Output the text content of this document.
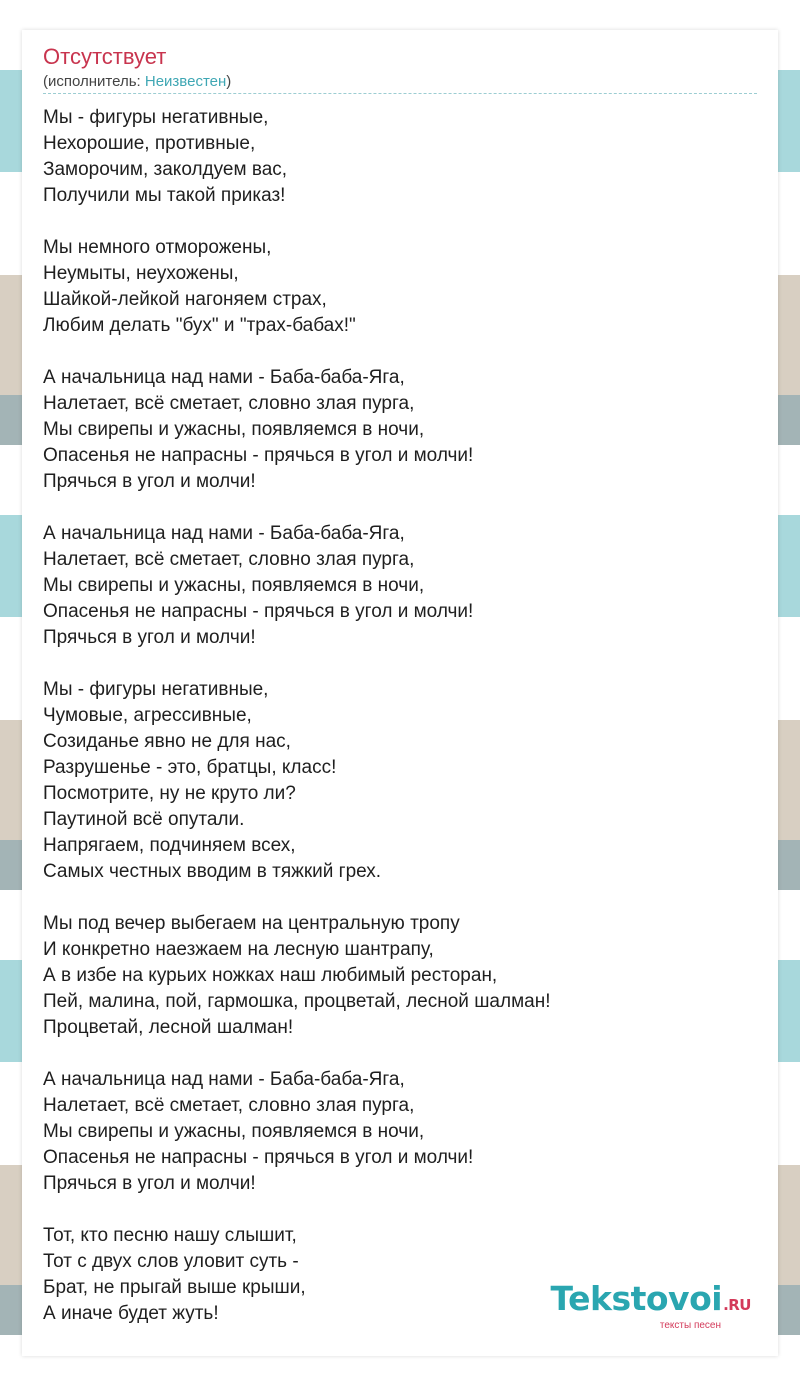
Отсутствует
(исполнитель: Неизвестен)
Мы - фигуры негативные,
Нехорошие, противные,
Заморочим, заколдуем вас,
Получили мы такой приказ!
Мы немного отморожены,
Неумыты, неухожены,
Шайкой-лейкой нагоняем страх,
Любим делать "бух" и "трах-бабах!"
А начальница над нами - Баба-баба-Яга,
Налетает, всё сметает, словно злая пурга,
Мы свирепы и ужасны, появляемся в ночи,
Опасенья не напрасны - прячься в угол и молчи!
Прячься в угол и молчи!
А начальница над нами - Баба-баба-Яга,
Налетает, всё сметает, словно злая пурга,
Мы свирепы и ужасны, появляемся в ночи,
Опасенья не напрасны - прячься в угол и молчи!
Прячься в угол и молчи!
Мы - фигуры негативные,
Чумовые, агрессивные,
Созиданье явно не для нас,
Разрушенье - это, братцы, класс!
Посмотрите, ну не круто ли?
Паутиной всё опутали.
Напрягаем, подчиняем всех,
Самых честных вводим в тяжкий грех.
Мы под вечер выбегаем на центральную тропу
И конкретно наезжаем на лесную шантрапу,
А в избе на курьих ножках наш любимый ресторан,
Пей, малина, пой, гармошка, процветай, лесной шалман!
Процветай, лесной шалман!
А начальница над нами - Баба-баба-Яга,
Налетает, всё сметает, словно злая пурга,
Мы свирепы и ужасны, появляемся в ночи,
Опасенья не напрасны - прячься в угол и молчи!
Прячься в угол и молчи!
Тот, кто песню нашу слышит,
Тот с двух слов уловит суть -
Брат, не прыгай выше крыши,
А иначе будет жуть!	Tekstovoi.RU
тексты песен
